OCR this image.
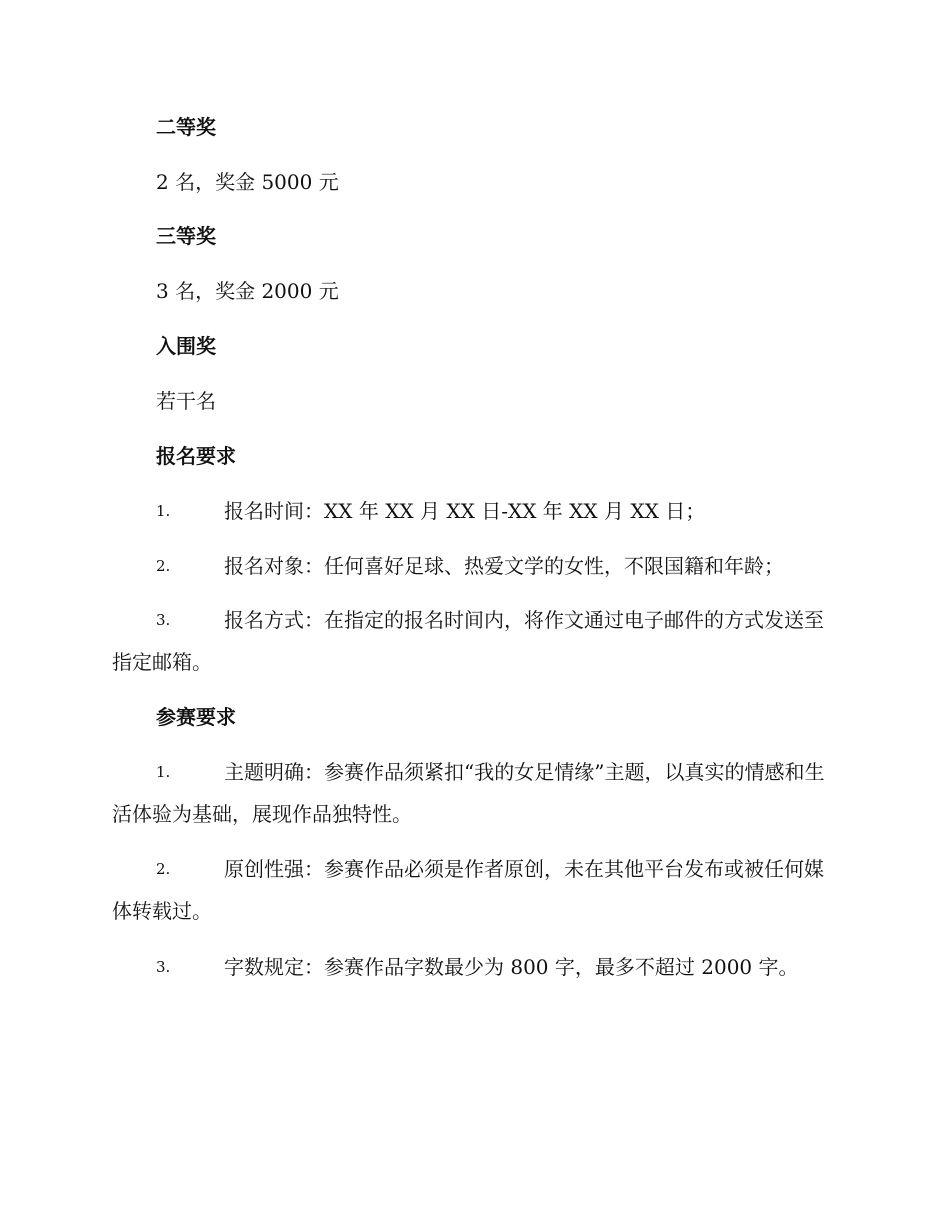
二等奖

2 名，奖金 5000 元

三等奖

3 名，奖金 2000 元

入围奖

若干名

报名要求

1.	报名时间：XX 年 XX 月 XX 日-XX 年 XX 月 XX 日；

2.	报名对象：任何喜好足球、热爱文学的女性，不限国籍和年龄；

3.	报名方式：在指定的报名时间内，将作文通过电子邮件的方式发送至指定邮箱。

参赛要求

1.	主题明确：参赛作品须紧扣“我的女足情缘”主题，以真实的情感和生活体验为基础，展现作品独特性。

2.	原创性强：参赛作品必须是作者原创，未在其他平台发布或被任何媒体转载过。

3.	字数规定：参赛作品字数最少为 800 字，最多不超过 2000 字。
